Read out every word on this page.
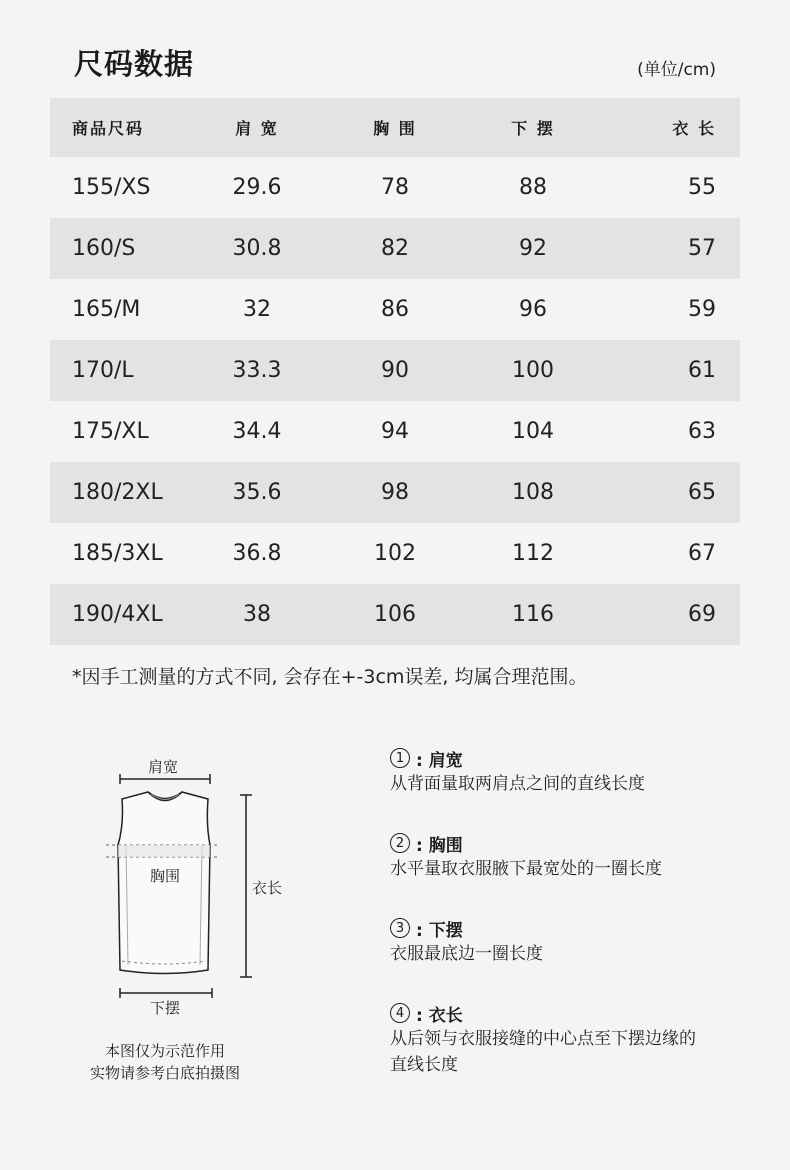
尺码数据	(单位/cm)
商品尺码	肩 宽	胸 围	下 摆	衣 长
155/XS	29.6	78	88	55
160/S	30.8	82	92	57
165/M	32	86	96	59
170/L	33.3	90	100	61
175/XL	34.4	94	104	63
180/2XL	35.6	98	108	65
185/3XL	36.8	102	112	67
190/4XL	38	106	116	69
*因手工测量的方式不同, 会存在+-3cm误差, 均属合理范围。
肩宽
胸围
衣长
下摆
本图仅为示范作用
实物请参考白底拍摄图
1 : 肩宽
从背面量取两肩点之间的直线长度
2 : 胸围
水平量取衣服腋下最宽处的一圈长度
3 : 下摆
衣服最底边一圈长度
4 : 衣长
从后领与衣服接缝的中心点至下摆边缘的直线长度
